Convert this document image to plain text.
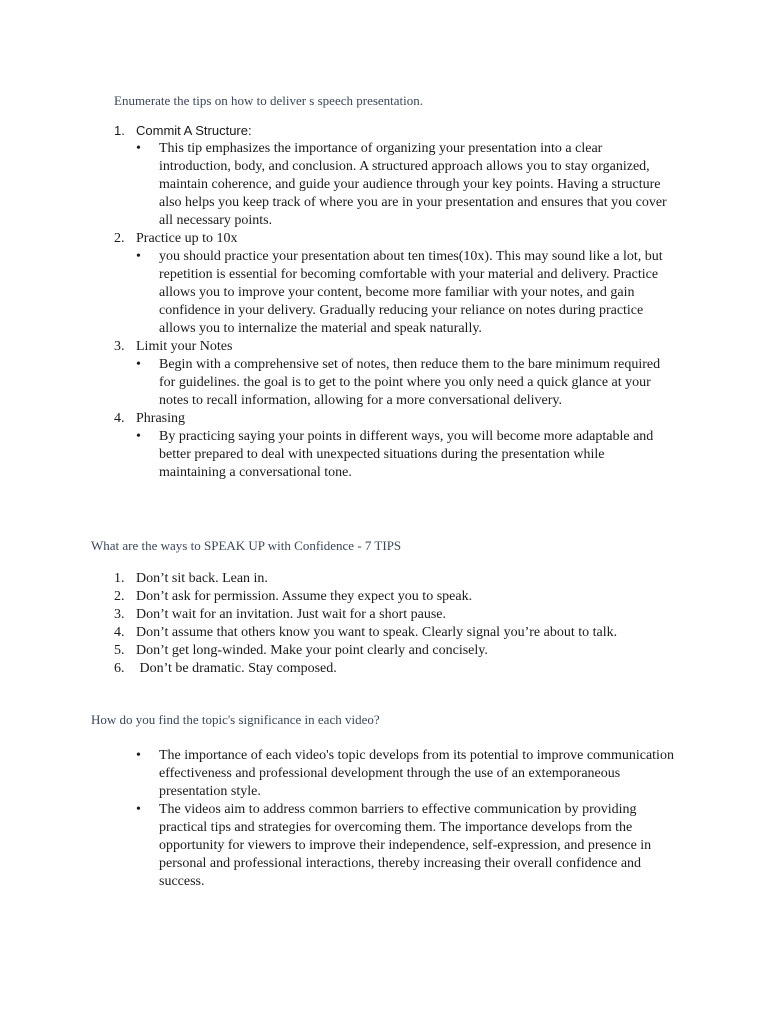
Enumerate the tips on how to deliver s speech presentation.
1. Commit A Structure:
• This tip emphasizes the importance of organizing your presentation into a clear introduction, body, and conclusion. A structured approach allows you to stay organized, maintain coherence, and guide your audience through your key points. Having a structure also helps you keep track of where you are in your presentation and ensures that you cover all necessary points.
2. Practice up to 10x
• you should practice your presentation about ten times(10x). This may sound like a lot, but repetition is essential for becoming comfortable with your material and delivery. Practice allows you to improve your content, become more familiar with your notes, and gain confidence in your delivery. Gradually reducing your reliance on notes during practice allows you to internalize the material and speak naturally.
3. Limit your Notes
• Begin with a comprehensive set of notes, then reduce them to the bare minimum required for guidelines. the goal is to get to the point where you only need a quick glance at your notes to recall information, allowing for a more conversational delivery.
4. Phrasing
• By practicing saying your points in different ways, you will become more adaptable and better prepared to deal with unexpected situations during the presentation while maintaining a conversational tone.
What are the ways to SPEAK UP with Confidence - 7 TIPS
1. Don’t sit back. Lean in.
2. Don’t ask for permission. Assume they expect you to speak.
3. Don’t wait for an invitation. Just wait for a short pause.
4. Don’t assume that others know you want to speak. Clearly signal you’re about to talk.
5. Don’t get long-winded. Make your point clearly and concisely.
6. Don’t be dramatic. Stay composed.
How do you find the topic's significance in each video?
• The importance of each video's topic develops from its potential to improve communication effectiveness and professional development through the use of an extemporaneous presentation style.
• The videos aim to address common barriers to effective communication by providing practical tips and strategies for overcoming them. The importance develops from the opportunity for viewers to improve their independence, self-expression, and presence in personal and professional interactions, thereby increasing their overall confidence and success.
